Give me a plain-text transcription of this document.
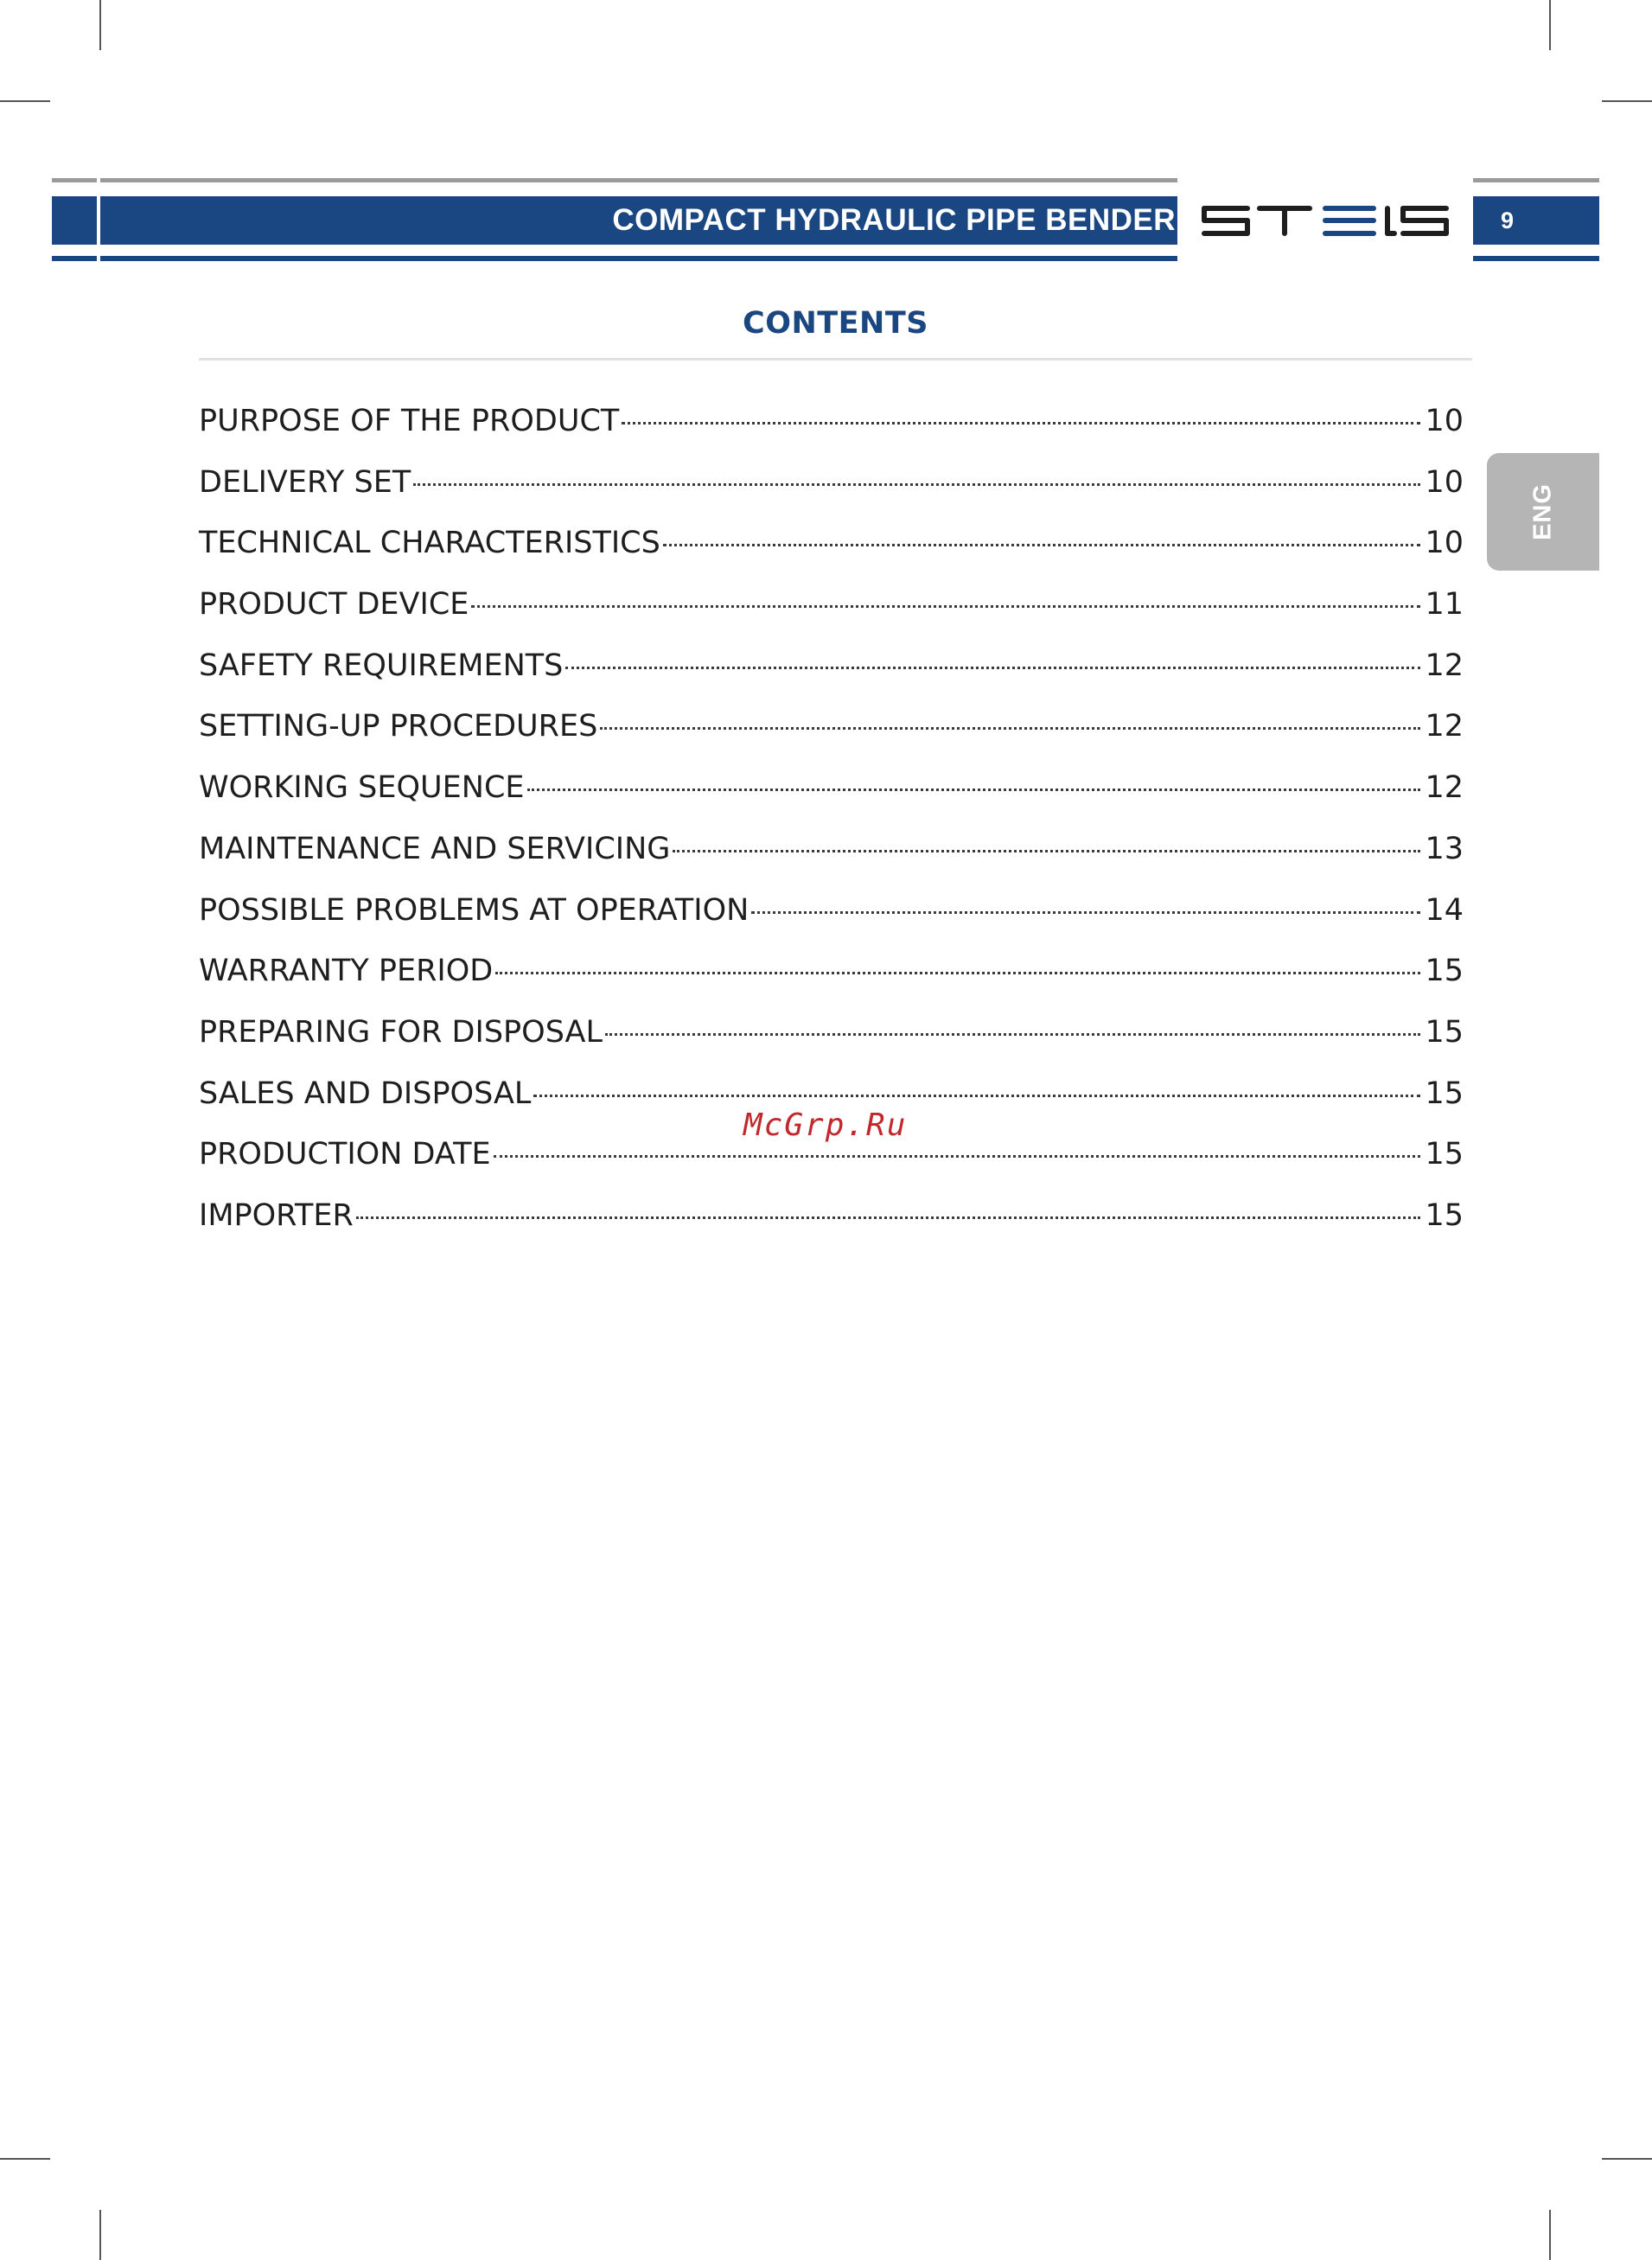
COMPACT HYDRAULIC PIPE BENDER	9
ENG
CONTENTS
PURPOSE OF THE PRODUCT	10
DELIVERY SET	10
TECHNICAL CHARACTERISTICS	10
PRODUCT DEVICE	11
SAFETY REQUIREMENTS	12
SETTING-UP PROCEDURES	12
WORKING SEQUENCE	12
MAINTENANCE AND SERVICING	13
POSSIBLE PROBLEMS AT OPERATION	14
WARRANTY PERIOD	15
PREPARING FOR DISPOSAL	15
SALES AND DISPOSAL	15
PRODUCTION DATE	15
IMPORTER	15
McGrp.Ru
